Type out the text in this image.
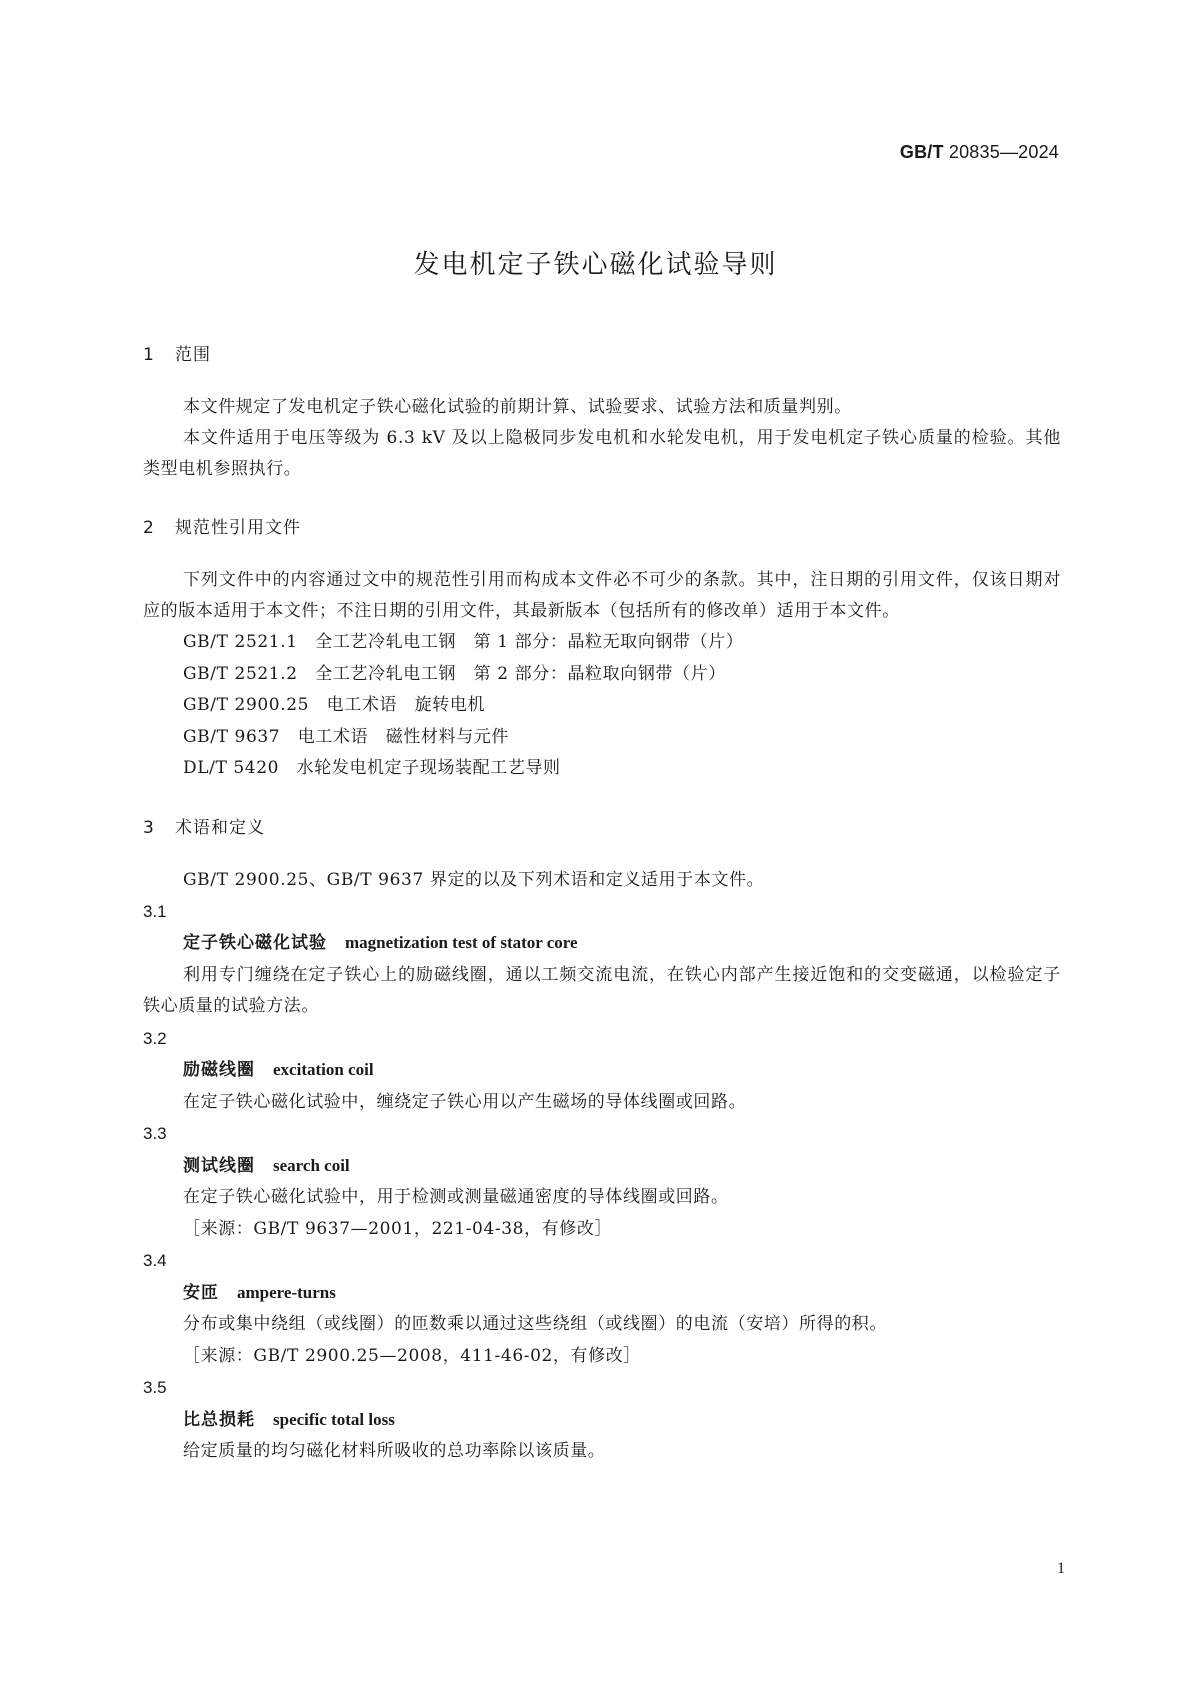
GB/T 20835—2024
发电机定子铁心磁化试验导则
1 范围

本文件规定了发电机定子铁心磁化试验的前期计算、试验要求、试验方法和质量判别。

本文件适用于电压等级为 6.3 kV 及以上隐极同步发电机和水轮发电机，用于发电机定子铁心质量的检验。其他类型电机参照执行。

2 规范性引用文件

下列文件中的内容通过文中的规范性引用而构成本文件必不可少的条款。其中，注日期的引用文件，仅该日期对应的版本适用于本文件；不注日期的引用文件，其最新版本（包括所有的修改单）适用于本文件。

GB/T 2521.1　全工艺冷轧电工钢　第 1 部分：晶粒无取向钢带（片）

GB/T 2521.2　全工艺冷轧电工钢　第 2 部分：晶粒取向钢带（片）

GB/T 2900.25　电工术语　旋转电机

GB/T 9637　电工术语　磁性材料与元件

DL/T 5420　水轮发电机定子现场装配工艺导则

3 术语和定义

GB/T 2900.25、GB/T 9637 界定的以及下列术语和定义适用于本文件。

3.1

定子铁心磁化试验 magnetization test of stator core

利用专门缠绕在定子铁心上的励磁线圈，通以工频交流电流，在铁心内部产生接近饱和的交变磁通，以检验定子铁心质量的试验方法。

3.2

励磁线圈 excitation coil

在定子铁心磁化试验中，缠绕定子铁心用以产生磁场的导体线圈或回路。

3.3

测试线圈 search coil

在定子铁心磁化试验中，用于检测或测量磁通密度的导体线圈或回路。

［来源：GB/T 9637—2001，221-04-38，有修改］

3.4

安匝 ampere-turns

分布或集中绕组（或线圈）的匝数乘以通过这些绕组（或线圈）的电流（安培）所得的积。

［来源：GB/T 2900.25—2008，411-46-02，有修改］

3.5

比总损耗 specific total loss

给定质量的均匀磁化材料所吸收的总功率除以该质量。

1
